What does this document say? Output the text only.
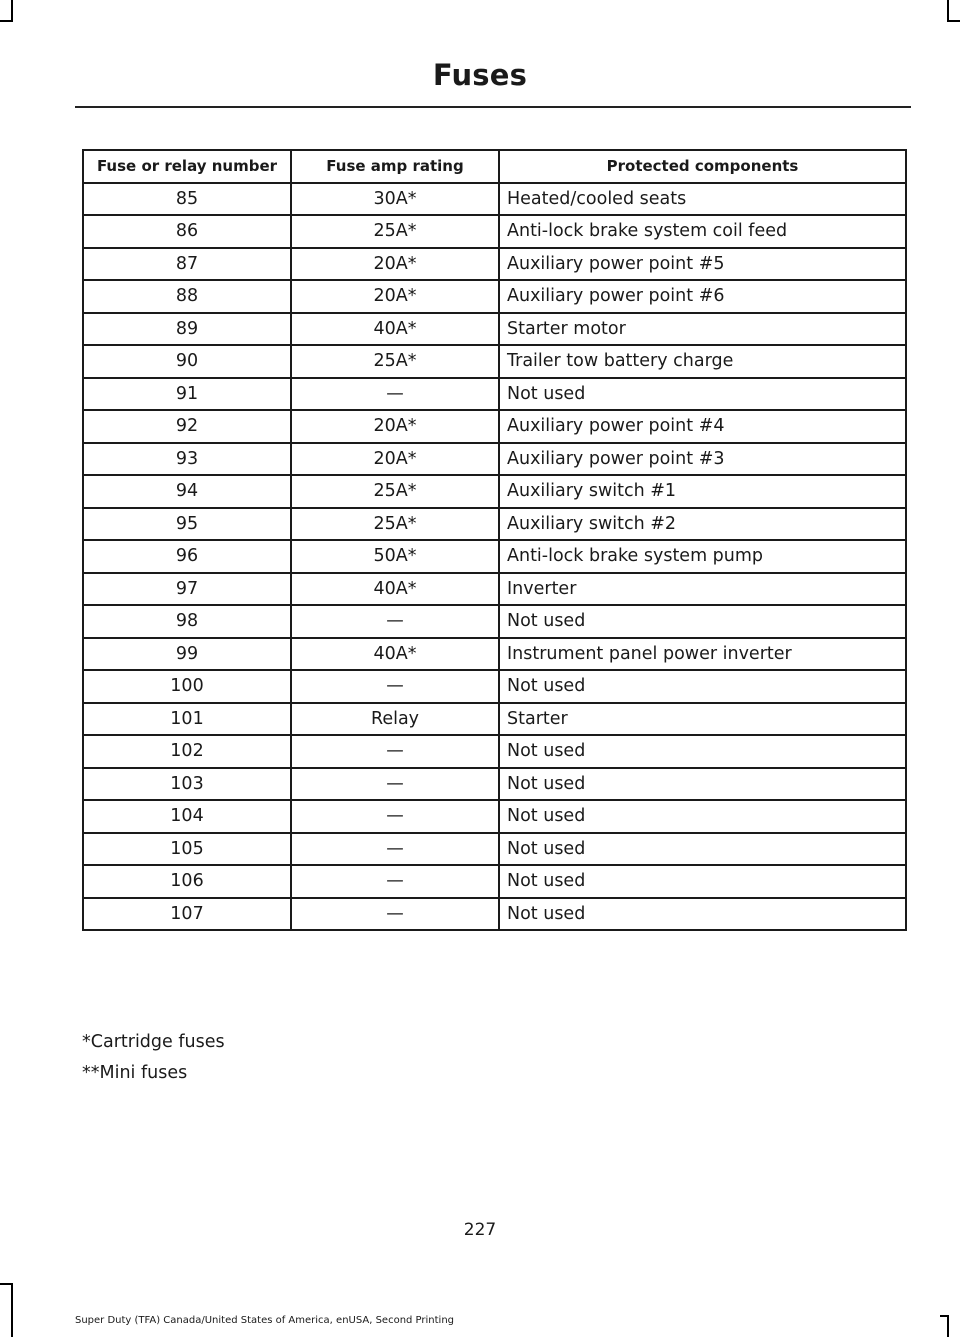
Fuses
Fuse or relay number	Fuse amp rating	Protected components
85	30A*	Heated/cooled seats
86	25A*	Anti-lock brake system coil feed
87	20A*	Auxiliary power point #5
88	20A*	Auxiliary power point #6
89	40A*	Starter motor
90	25A*	Trailer tow battery charge
91	—	Not used
92	20A*	Auxiliary power point #4
93	20A*	Auxiliary power point #3
94	25A*	Auxiliary switch #1
95	25A*	Auxiliary switch #2
96	50A*	Anti-lock brake system pump
97	40A*	Inverter
98	—	Not used
99	40A*	Instrument panel power inverter
100	—	Not used
101	Relay	Starter
102	—	Not used
103	—	Not used
104	—	Not used
105	—	Not used
106	—	Not used
107	—	Not used
*Cartridge fuses
**Mini fuses
227
Super Duty (TFA) Canada/United States of America, enUSA, Second Printing
